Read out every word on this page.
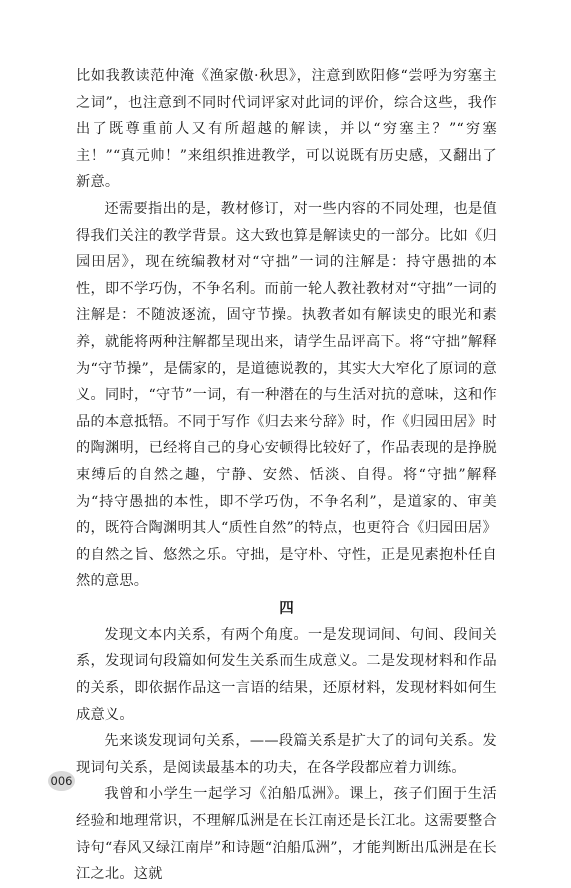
比如我教读范仲淹《渔家傲·秋思》，注意到欧阳修“尝呼为穷塞主之词”，也注意到不同时代词评家对此词的评价，综合这些，我作出了既尊重前人又有所超越的解读，并以“穷塞主？”“穷塞主！”“真元帅！”来组织推进教学，可以说既有历史感，又翻出了新意。

还需要指出的是，教材修订，对一些内容的不同处理，也是值得我们关注的教学背景。这大致也算是解读史的一部分。比如《归园田居》，现在统编教材对“守拙”一词的注解是：持守愚拙的本性，即不学巧伪，不争名利。而前一轮人教社教材对“守拙”一词的注解是：不随波逐流，固守节操。执教者如有解读史的眼光和素养，就能将两种注解都呈现出来，请学生品评高下。将“守拙”解释为“守节操”，是儒家的，是道德说教的，其实大大窄化了原词的意义。同时，“守节”一词，有一种潜在的与生活对抗的意味，这和作品的本意抵牾。不同于写作《归去来兮辞》时，作《归园田居》时的陶渊明，已经将自己的身心安顿得比较好了，作品表现的是挣脱束缚后的自然之趣，宁静、安然、恬淡、自得。将“守拙”解释为“持守愚拙的本性，即不学巧伪，不争名利”，是道家的、审美的，既符合陶渊明其人“质性自然”的特点，也更符合《归园田居》的自然之旨、悠然之乐。守拙，是守朴、守性，正是见素抱朴任自然的意思。

四

发现文本内关系，有两个角度。一是发现词间、句间、段间关系，发现词句段篇如何发生关系而生成意义。二是发现材料和作品的关系，即依据作品这一言语的结果，还原材料，发现材料如何生成意义。

先来谈发现词句关系，——段篇关系是扩大了的词句关系。发现词句关系，是阅读最基本的功夫，在各学段都应着力训练。

我曾和小学生一起学习《泊船瓜洲》。课上，孩子们囿于生活经验和地理常识，不理解瓜洲是在长江南还是长江北。这需要整合诗句“春风又绿江南岸”和诗题“泊船瓜洲”，才能判断出瓜洲是在长江之北。这就

006
